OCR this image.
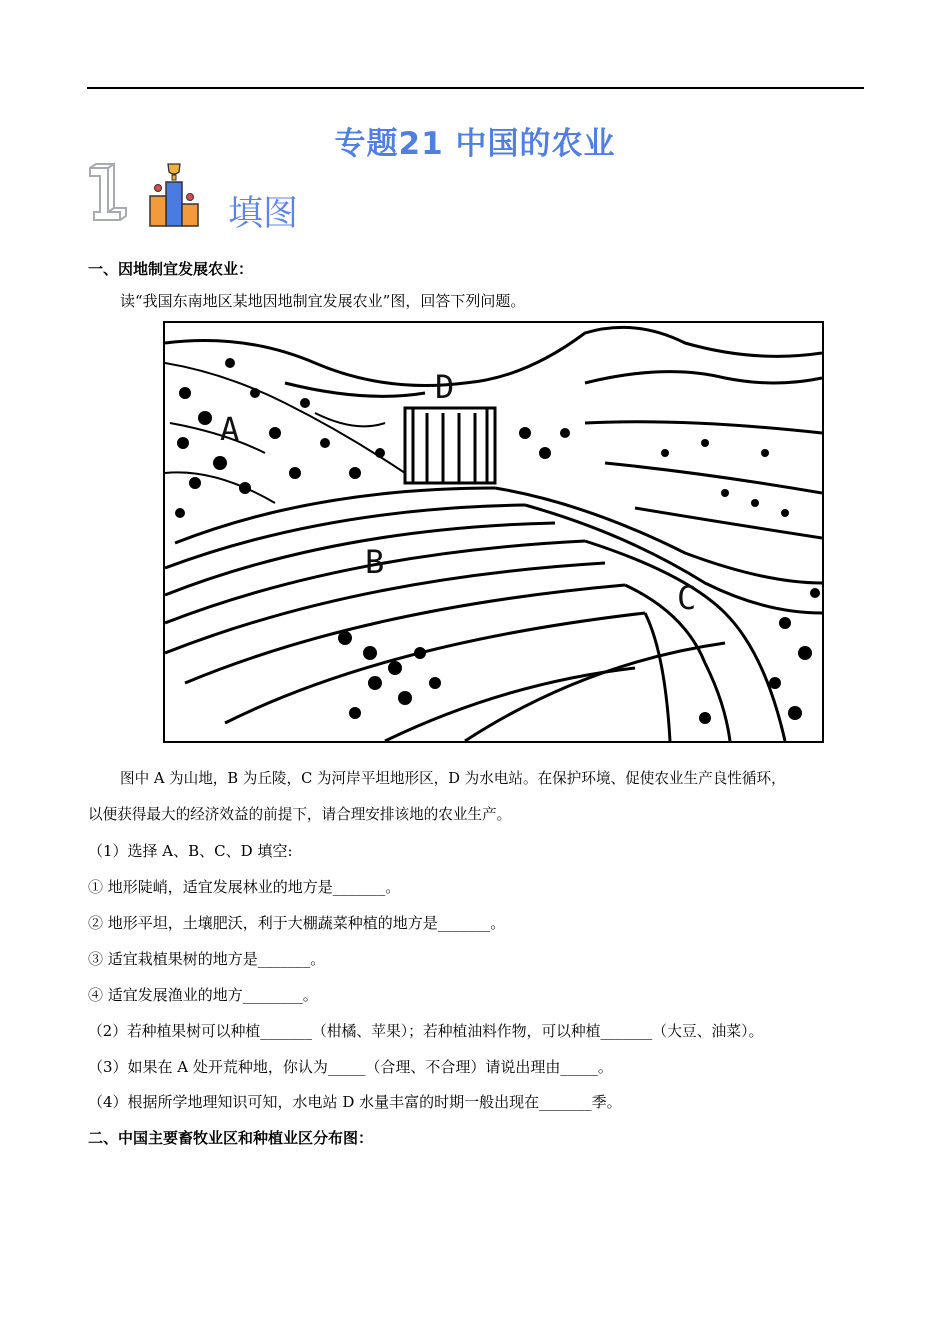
专题21 中国的农业
填图
一、因地制宜发展农业：
读“我国东南地区某地因地制宜发展农业”图，回答下列问题。
D
A
B
C
图中 A 为山地，B 为丘陵，C 为河岸平坦地形区，D 为水电站。在保护环境、促使农业生产良性循环，
以便获得最大的经济效益的前提下，请合理安排该地的农业生产。
（1）选择 A、B、C、D 填空:
① 地形陡峭，适宜发展林业的地方是_______。
② 地形平坦，土壤肥沃，利于大棚蔬菜种植的地方是_______。
③ 适宜栽植果树的地方是_______。
④ 适宜发展渔业的地方________。
（2）若种植果树可以种植_______（柑橘、苹果）；若种植油料作物，可以种植_______（大豆、油菜）。
（3）如果在 A 处开荒种地，你认为_____（合理、不合理）请说出理由_____。
（4）根据所学地理知识可知，水电站 D 水量丰富的时期一般出现在_______季。
二、中国主要畜牧业区和种植业区分布图：
